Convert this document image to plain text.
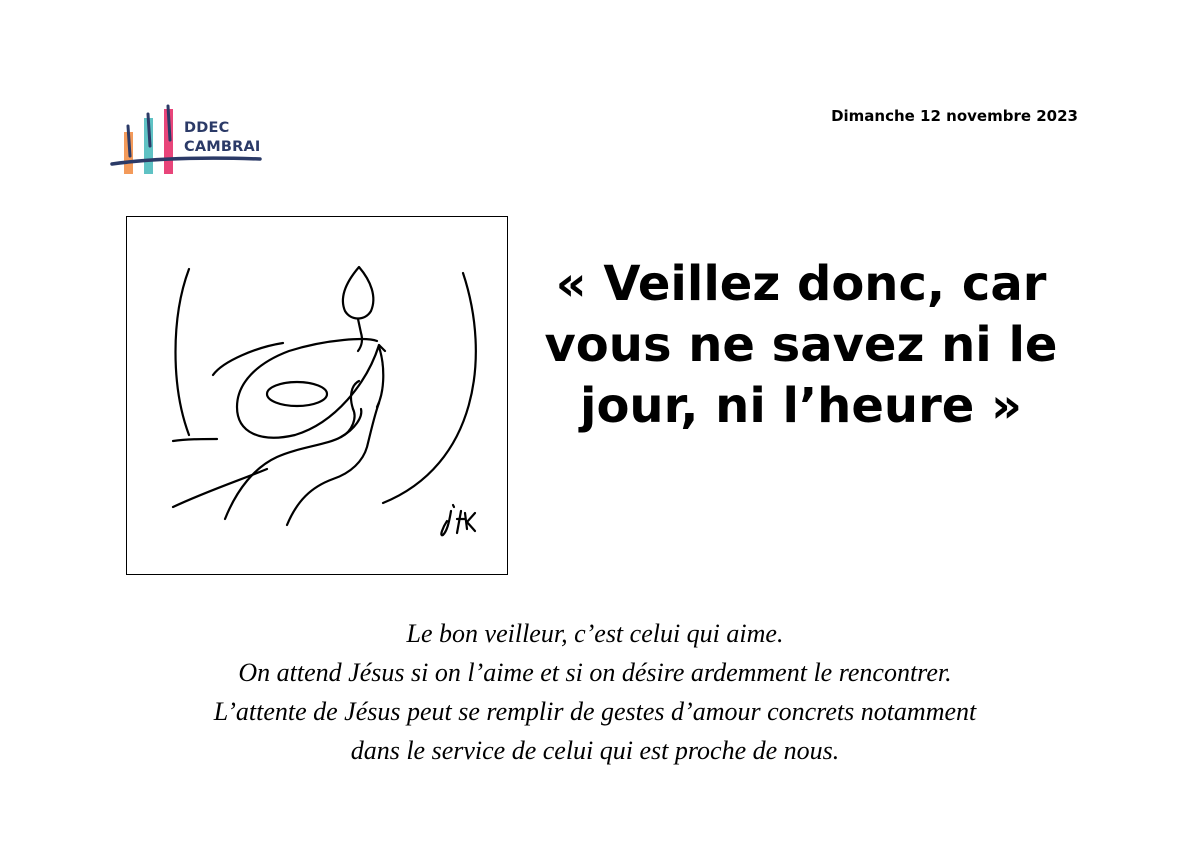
DDEC
CAMBRAI
Dimanche 12 novembre 2023
« Veillez donc, car
vous ne savez ni le
jour, ni l’heure »
Le bon veilleur, c’est celui qui aime.
On attend Jésus si on l’aime et si on désire ardemment le rencontrer.
L’attente de Jésus peut se remplir de gestes d’amour concrets notamment
dans le service de celui qui est proche de nous.
